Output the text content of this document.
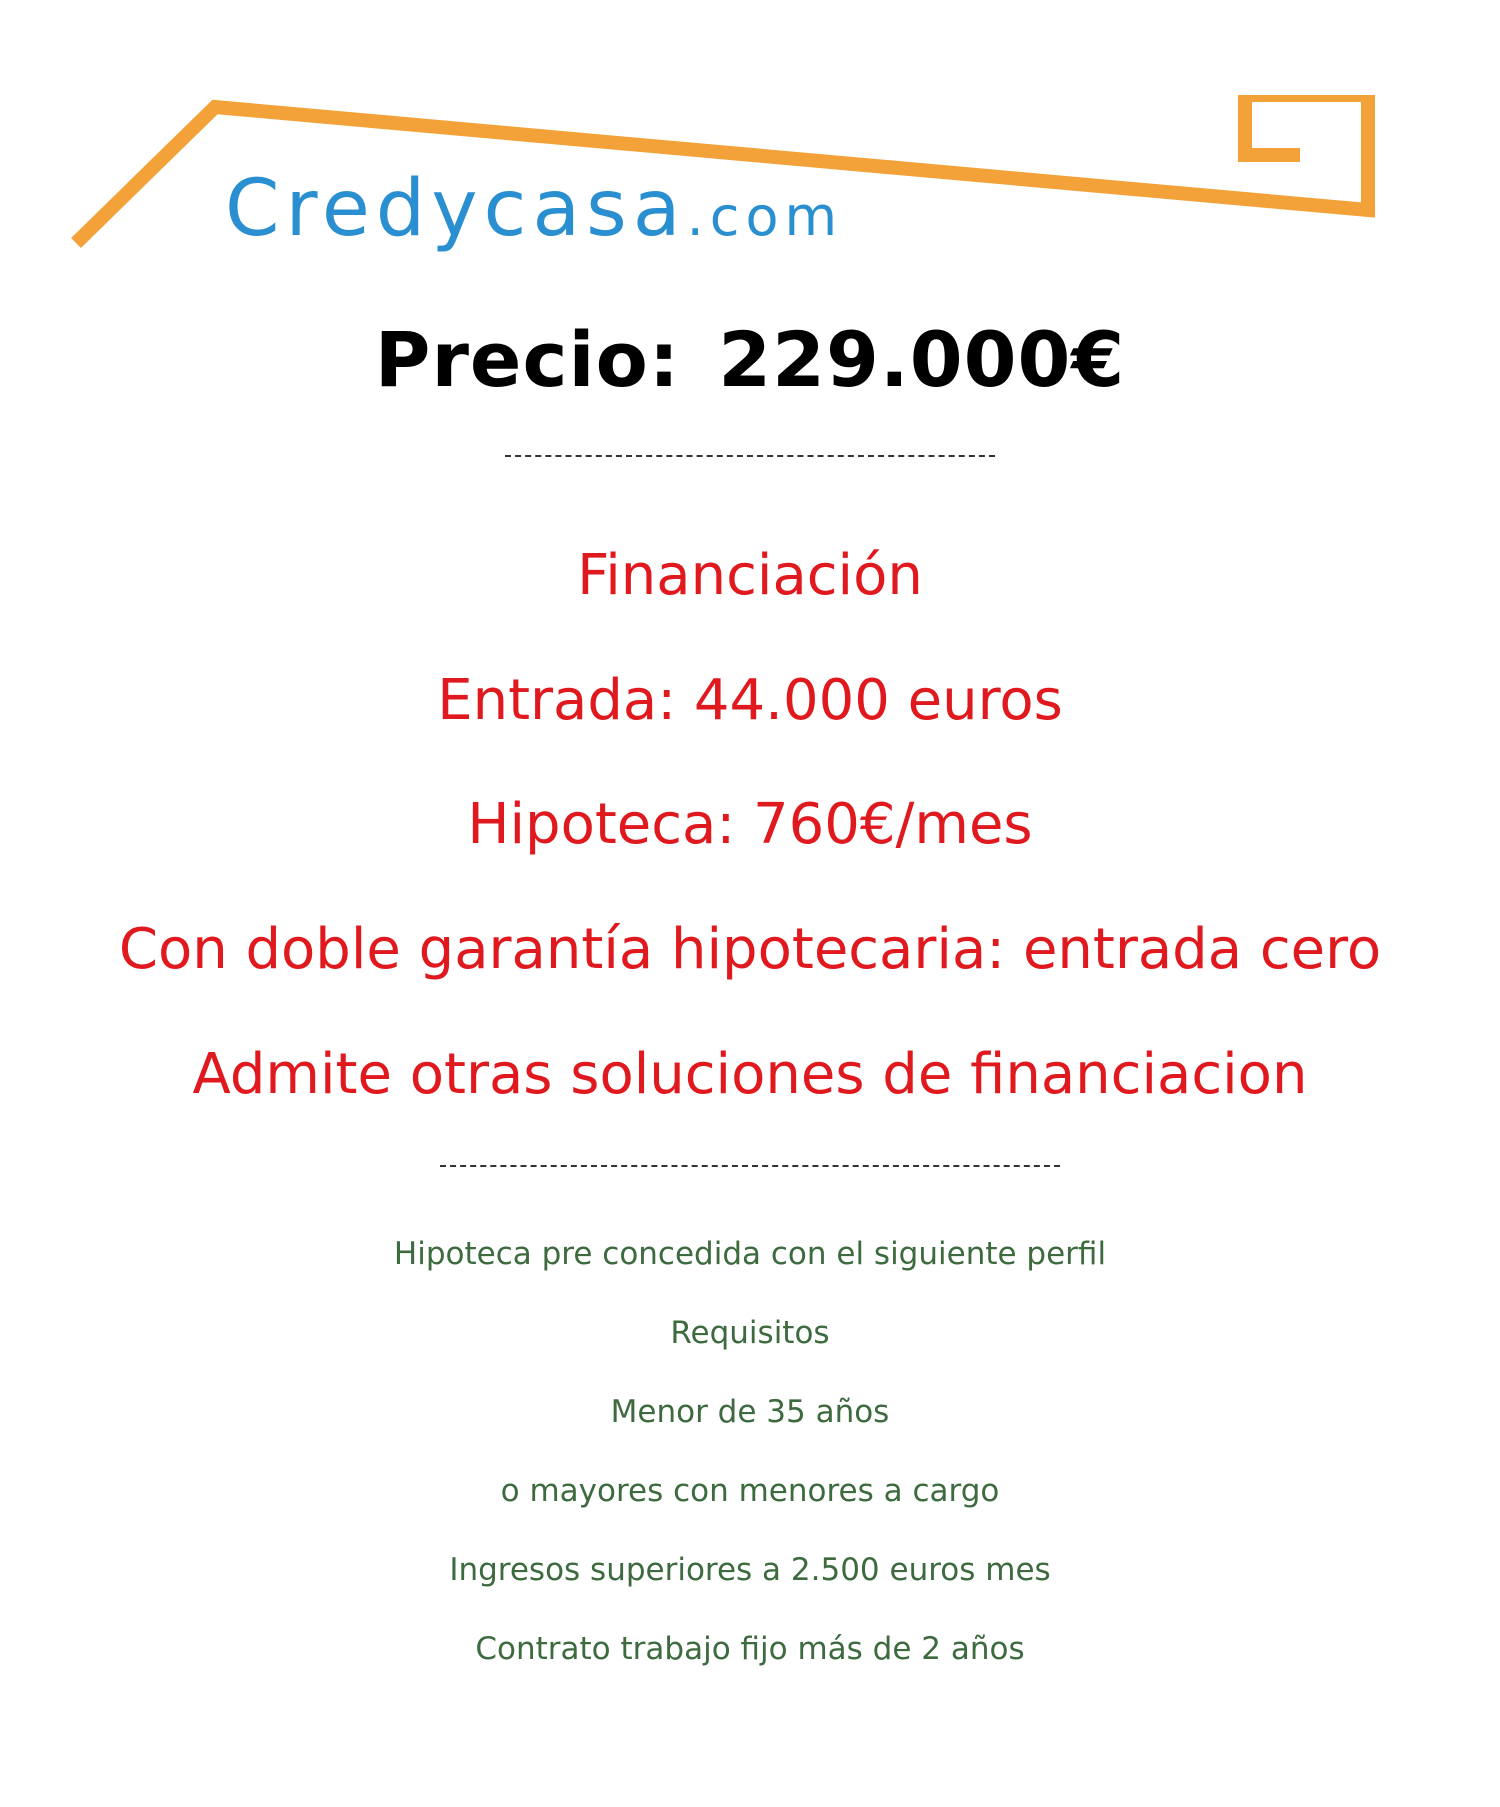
Credycasa.com
Precio: 229.000€
Financiación
Entrada: 44.000 euros
Hipoteca: 760€/mes
Con doble garantía hipotecaria: entrada cero
Admite otras soluciones de financiacion
Hipoteca pre concedida con el siguiente perfil
Requisitos
Menor de 35 años
o mayores con menores a cargo
Ingresos superiores a 2.500 euros mes
Contrato trabajo fijo más de 2 años
